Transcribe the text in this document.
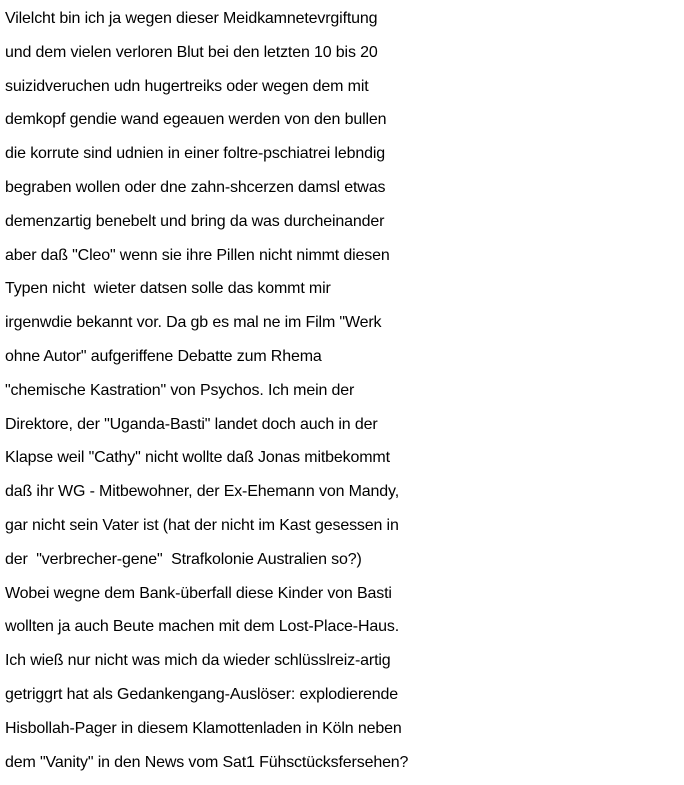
Vilelcht bin ich ja wegen dieser Meidkamnetevrgiftung
und dem vielen verloren Blut bei den letzten 10 bis 20
suizidveruchen udn hugertreiks oder wegen dem mit
demkopf gendie wand egeauen werden von den bullen
die korrute sind udnien in einer foltre-pschiatrei lebndig
begraben wollen oder dne zahn-shcerzen damsl etwas
demenzartig benebelt und bring da was durcheinander
aber daß "Cleo" wenn sie ihre Pillen nicht nimmt diesen
Typen nicht  wieter datsen solle das kommt mir
irgenwdie bekannt vor. Da gb es mal ne im Film "Werk
ohne Autor" aufgeriffene Debatte zum Rhema
"chemische Kastration" von Psychos. Ich mein der
Direktore, der "Uganda-Basti" landet doch auch in der
Klapse weil "Cathy" nicht wollte daß Jonas mitbekommt
daß ihr WG - Mitbewohner, der Ex-Ehemann von Mandy,
gar nicht sein Vater ist (hat der nicht im Kast gesessen in
der  "verbrecher-gene"  Strafkolonie Australien so?)
Wobei wegne dem Bank-überfall diese Kinder von Basti
wollten ja auch Beute machen mit dem Lost-Place-Haus.
Ich wieß nur nicht was mich da wieder schlüsslreiz-artig
getriggrt hat als Gedankengang-Auslöser: explodierende
Hisbollah-Pager in diesem Klamottenladen in Köln neben
dem "Vanity" in den News vom Sat1 Fühsctücksfersehen?
